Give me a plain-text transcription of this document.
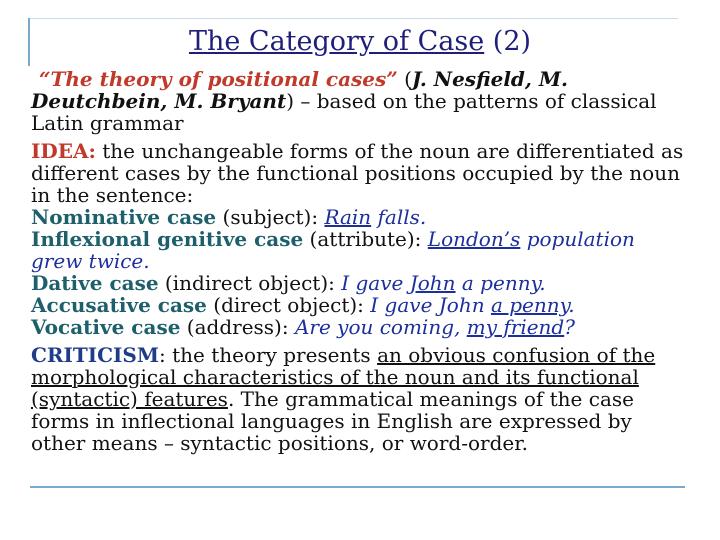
The Category of Case (2)

“The theory of positional cases” (J. Nesfield, M. Deutchbein, M. Bryant) – based on the patterns of classical Latin grammar

IDEA: the unchangeable forms of the noun are differentiated as different cases by the functional positions occupied by the noun in the sentence:

Nominative case (subject): Rain falls.

Inflexional genitive case (attribute): London’s population grew twice.

Dative case (indirect object): I gave John a penny.

Accusative case (direct object): I gave John a penny.

Vocative case (address): Are you coming, my friend?

CRITICISM: the theory presents an obvious confusion of the morphological characteristics of the noun and its functional (syntactic) features. The grammatical meanings of the case forms in inflectional languages in English are expressed by other means – syntactic positions, or word-order.
